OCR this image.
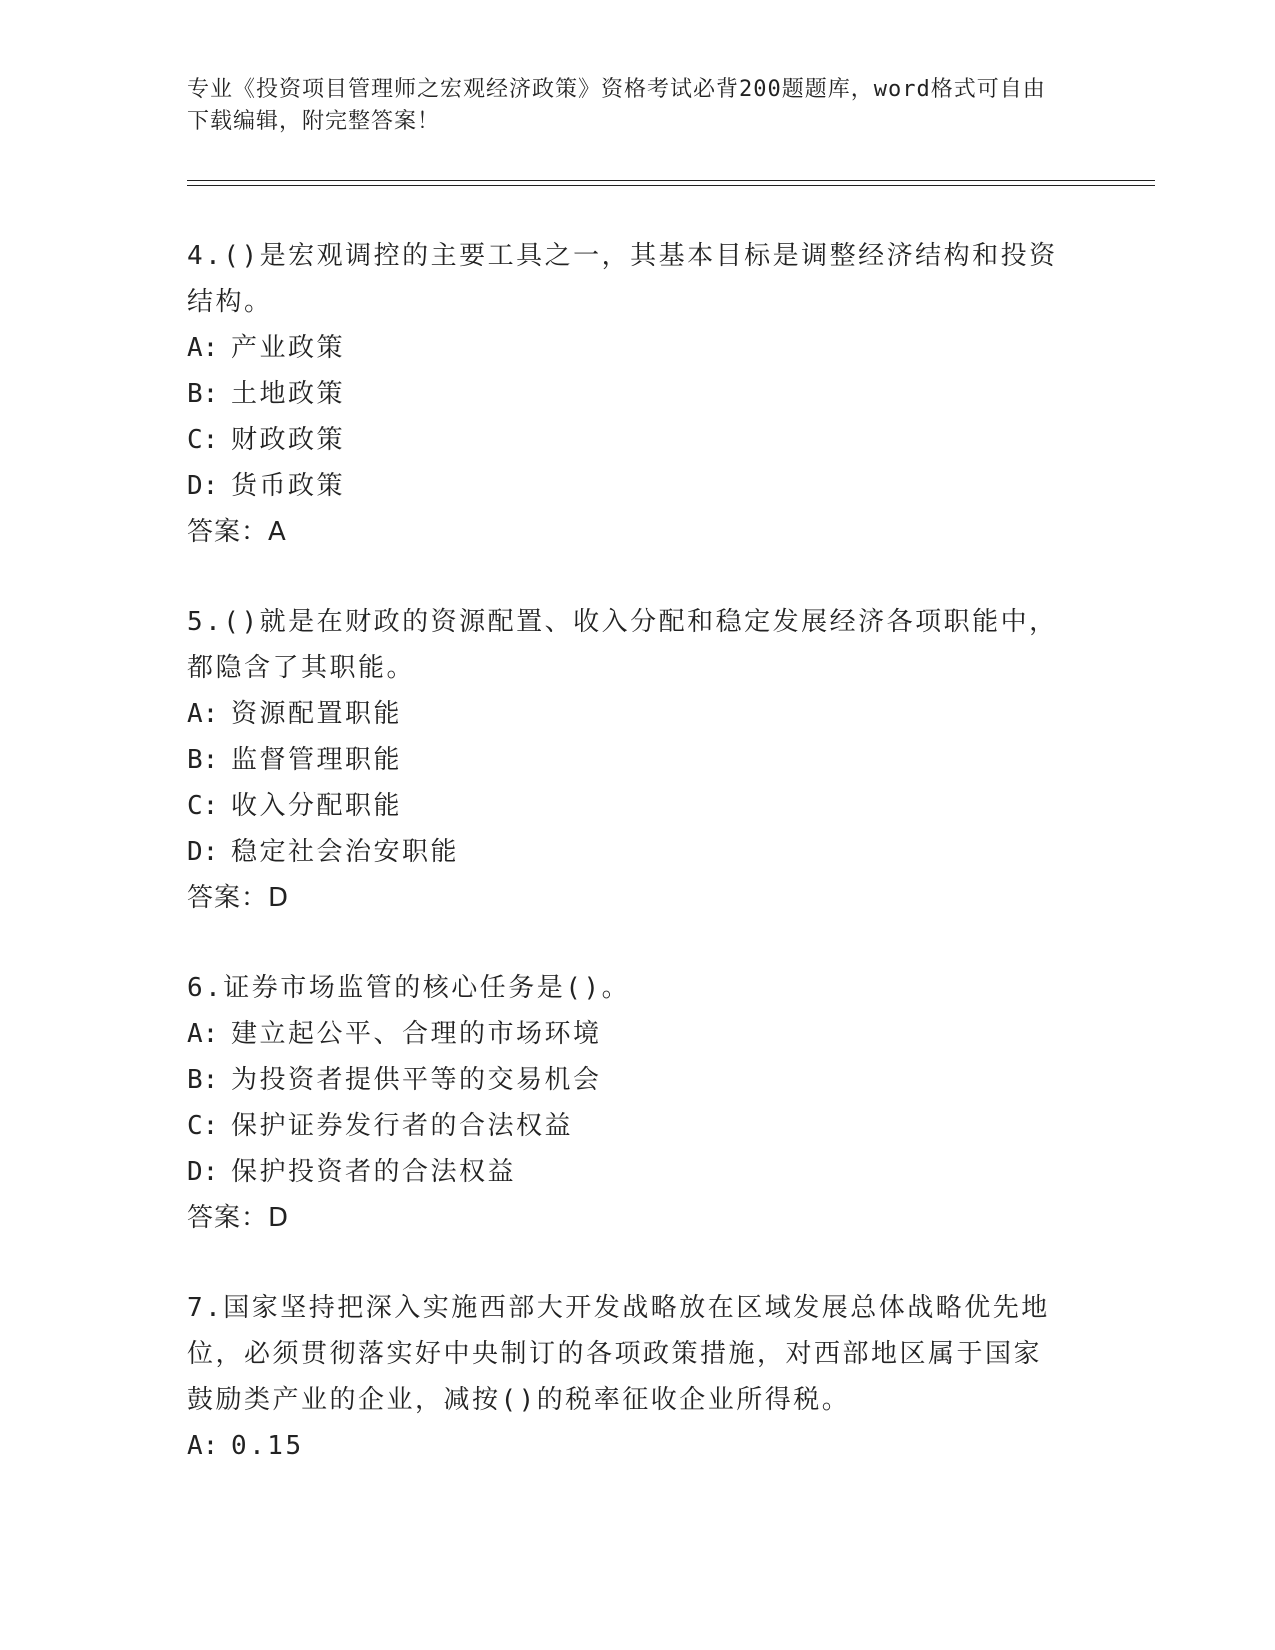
专业《投资项目管理师之宏观经济政策》资格考试必背200题题库，word格式可自由下载编辑，附完整答案！
4.()是宏观调控的主要工具之一，其基本目标是调整经济结构和投资结构。
A: 产业政策
B: 土地政策
C: 财政政策
D: 货币政策
答案：A
5.()就是在财政的资源配置、收入分配和稳定发展经济各项职能中，都隐含了其职能。
A: 资源配置职能
B: 监督管理职能
C: 收入分配职能
D: 稳定社会治安职能
答案：D
6.证券市场监管的核心任务是()。
A: 建立起公平、合理的市场环境
B: 为投资者提供平等的交易机会
C: 保护证券发行者的合法权益
D: 保护投资者的合法权益
答案：D
7.国家坚持把深入实施西部大开发战略放在区域发展总体战略优先地位，必须贯彻落实好中央制订的各项政策措施，对西部地区属于国家鼓励类产业的企业，减按()的税率征收企业所得税。
A: 0.15
